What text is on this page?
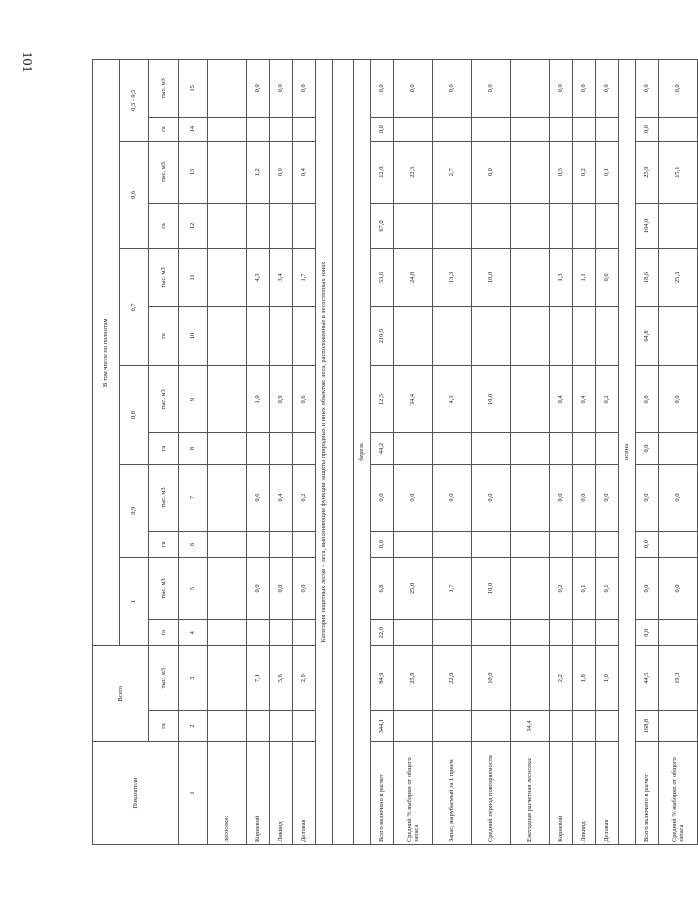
101
Показатели	Всего		В том числе по полнотам											
			1		0,9		0,8		0,7		0,6		0,3 - 0,5	
	га	тыс. м3	га	тыс. м3	га	тыс. м3	га	тыс. м3	га	тыс. м3	га	тыс. м3	га	тыс. м3
1	2	3	4	5	6	7	8	9	10	11	12	13	14	15
лесосеки:														
Корневой		7,1		0,0		0,6		1,0		4,3		1,2		0,0
Ликвид		5,6		0,0		0,4		0,9		3,4		0,9		0,0
Деловая		2,9		0,0		0,2		0,6		1,7		0,4		0,0
Категория защитных лесов – леса, выполняющие функции защиты природных и иных объектов: леса, расположенные в лесостепных зонах														

береза														
Всего включено в расчет	344,1	84,9	22,0	6,8	0,0	0,0	44,2	12,5	210,9	53,6	67,0	12,0	0,0	0,0
Средний % выборки от общего запаса		25,9		25,0		0,0		34,4		24,8		22,5		0,0
Запас, вырубаемый за 1 прием		22,0		1,7		0,0		4,3		13,3		2,7		0,0
Средний период повторяемости		10,0		10,0		0,0		10,0		10,0		0,0		0,0
Ежегодная расчетная лесосека:	34,4													
Корневой		2,2		0,2		0,0		0,4		1,3		0,3		0,0
Ликвид		1,8		0,1		0,0		0,4		1,1		0,2		0,0
Деловая		1,0		0,1		0,0		0,2		0,6		0,1		0,0
осина														
Всего включено в расчет	168,8	44,5	0,0	0,0	0,0	0,0	0,0	0,0	64,8	18,6	104,0	25,9	0,0	0,0
Средний % выборки от общего запаса		19,3		0,0		0,0		0,0		25,3		15,1		0,0
